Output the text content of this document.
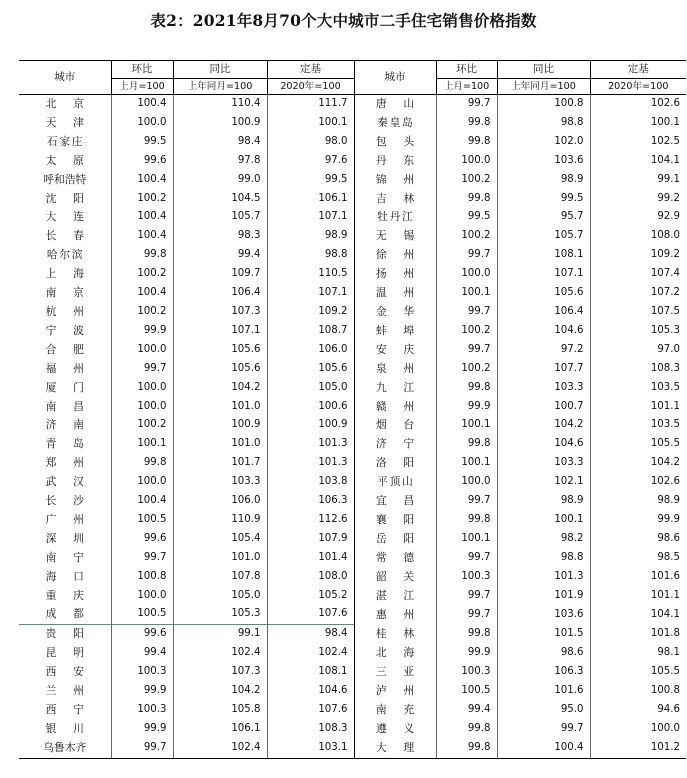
表2：2021年8月70个大中城市二手住宅销售价格指数
城市	环比	同比	定基	城市	环比	同比	定基
	上月=100	上年同月=100	2020年=100		上月=100	上年同月=100	2020年=100
北京	100.4	110.4	111.7	唐山	99.7	100.8	102.6
天津	100.0	100.9	100.1	秦皇岛	99.8	98.8	100.1
石家庄	99.5	98.4	98.0	包头	99.8	102.0	102.5
太原	99.6	97.8	97.6	丹东	100.0	103.6	104.1
呼和浩特	100.4	99.0	99.5	锦州	100.2	98.9	99.1
沈阳	100.2	104.5	106.1	吉林	99.8	99.5	99.2
大连	100.4	105.7	107.1	牡丹江	99.5	95.7	92.9
长春	100.4	98.3	98.9	无锡	100.2	105.7	108.0
哈尔滨	99.8	99.4	98.8	徐州	99.7	108.1	109.2
上海	100.2	109.7	110.5	扬州	100.0	107.1	107.4
南京	100.4	106.4	107.1	温州	100.1	105.6	107.2
杭州	100.2	107.3	109.2	金华	99.7	106.4	107.5
宁波	99.9	107.1	108.7	蚌埠	100.2	104.6	105.3
合肥	100.0	105.6	106.0	安庆	99.7	97.2	97.0
福州	99.7	105.6	105.6	泉州	100.2	107.7	108.3
厦门	100.0	104.2	105.0	九江	99.8	103.3	103.5
南昌	100.0	101.0	100.6	赣州	99.9	100.7	101.1
济南	100.2	100.9	100.9	烟台	100.1	104.2	103.5
青岛	100.1	101.0	101.3	济宁	99.8	104.6	105.5
郑州	99.8	101.7	101.3	洛阳	100.1	103.3	104.2
武汉	100.0	103.3	103.8	平顶山	100.0	102.1	102.6
长沙	100.4	106.0	106.3	宜昌	99.7	98.9	98.9
广州	100.5	110.9	112.6	襄阳	99.8	100.1	99.9
深圳	99.6	105.4	107.9	岳阳	100.1	98.2	98.6
南宁	99.7	101.0	101.4	常德	99.7	98.8	98.5
海口	100.8	107.8	108.0	韶关	100.3	101.3	101.6
重庆	100.0	105.0	105.2	湛江	99.7	101.9	101.1
成都	100.5	105.3	107.6	惠州	99.7	103.6	104.1
贵阳	99.6	99.1	98.4	桂林	99.8	101.5	101.8
昆明	99.4	102.4	102.4	北海	99.9	98.6	98.1
西安	100.3	107.3	108.1	三亚	100.3	106.3	105.5
兰州	99.9	104.2	104.6	泸州	100.5	101.6	100.8
西宁	100.3	105.8	107.6	南充	99.4	95.0	94.6
银川	99.9	106.1	108.3	遵义	99.8	99.7	100.0
乌鲁木齐	99.7	102.4	103.1	大理	99.8	100.4	101.2
